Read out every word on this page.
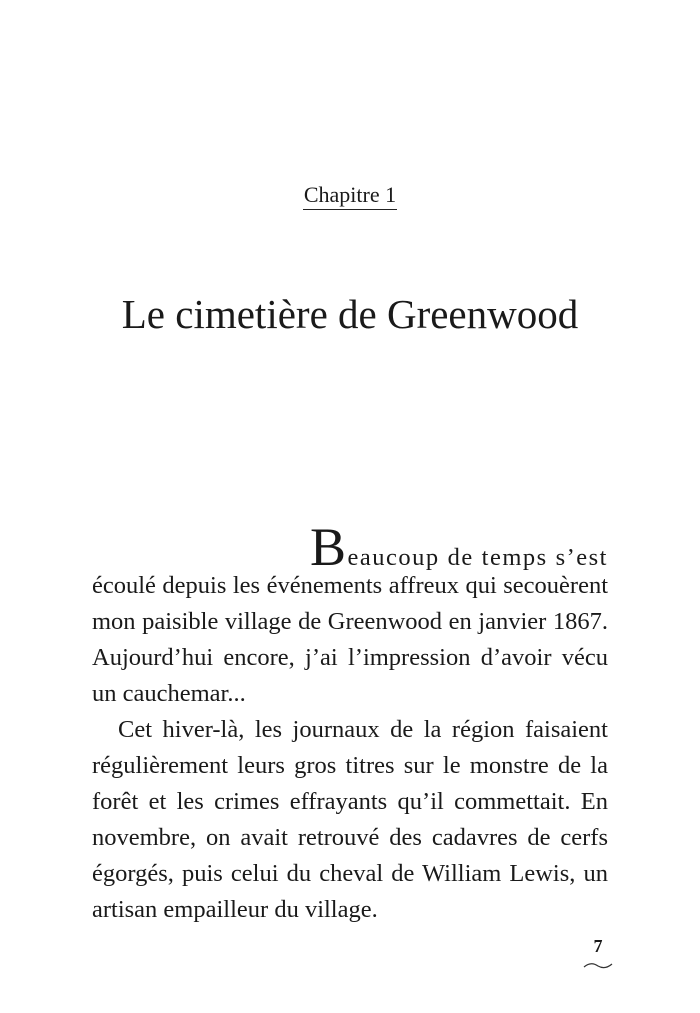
Chapitre 1
Le cimetière de Greenwood
Beaucoup de temps s’est
écoulé depuis les événements affreux qui secouèrent
mon paisible village de Greenwood en janvier 1867.
Aujourd’hui encore, j’ai l’impression d’avoir vécu
un cauchemar...
Cet hiver-là, les journaux de la région faisaient
régulièrement leurs gros titres sur le monstre de la
forêt et les crimes effrayants qu’il commettait. En
novembre, on avait retrouvé des cadavres de cerfs
égorgés, puis celui du cheval de William Lewis, un
artisan empailleur du village.
7
